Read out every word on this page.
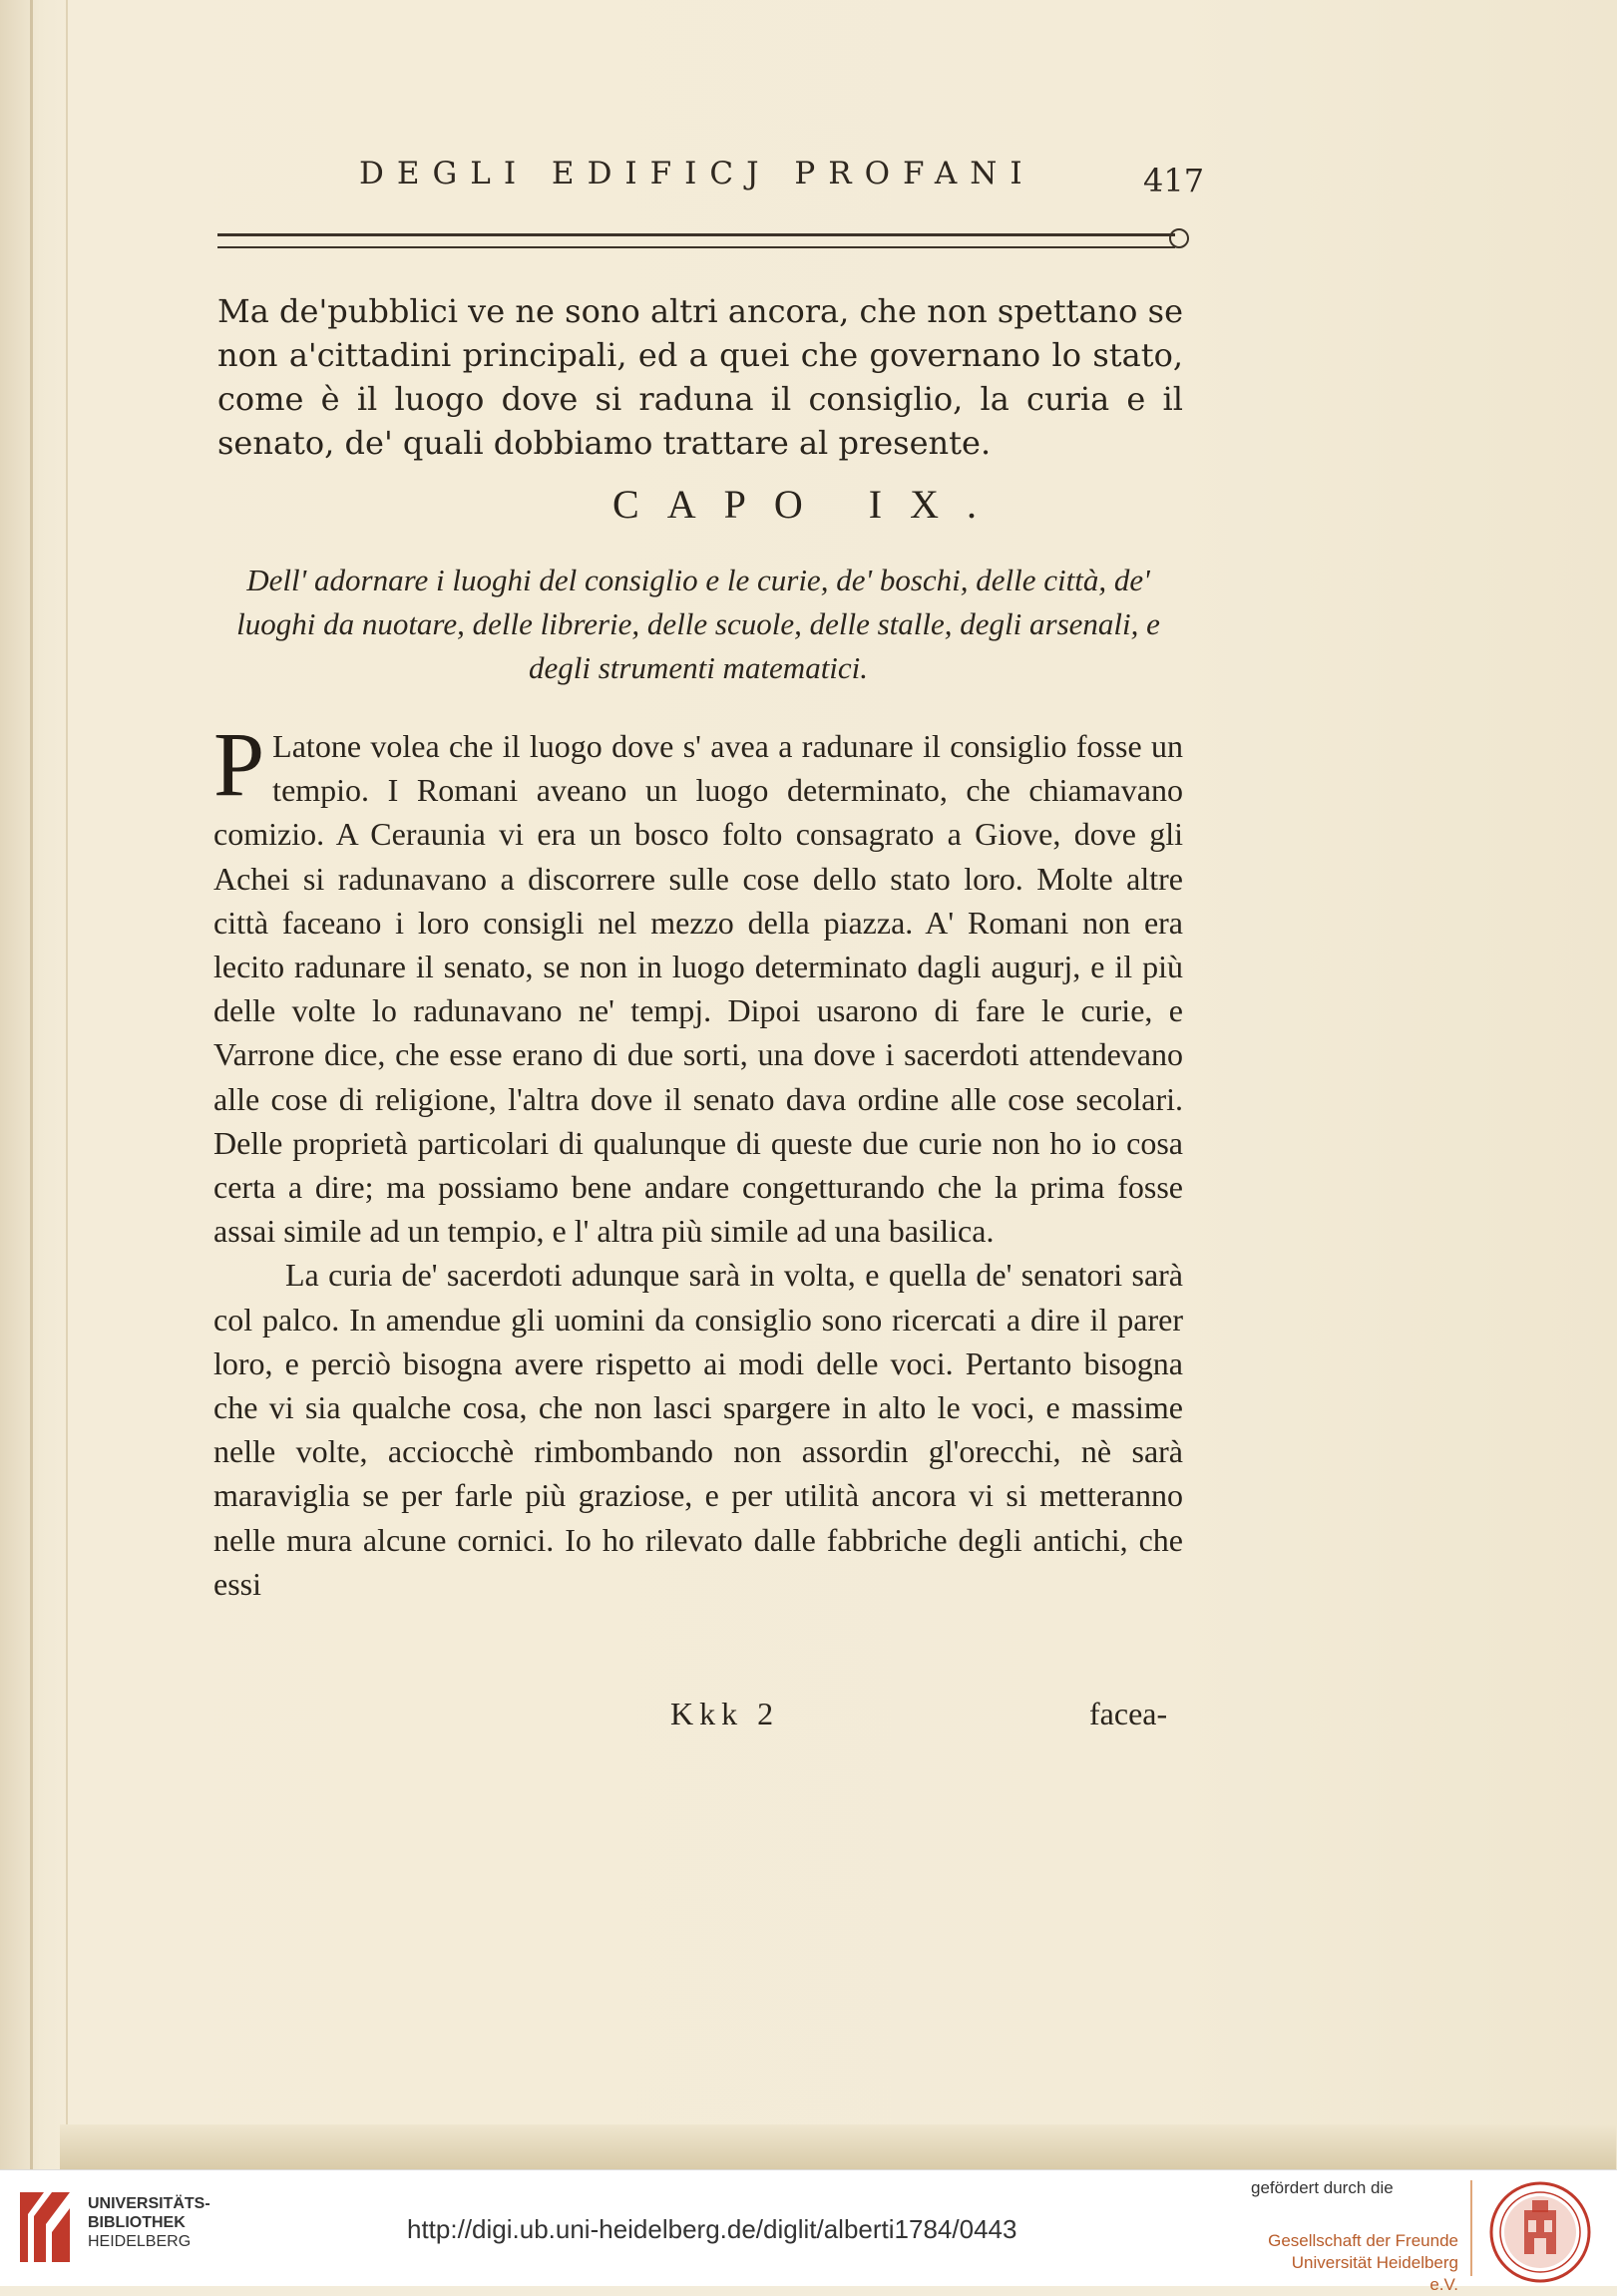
DEGLI EDIFICJ PROFANI	417
Ma de'pubblici ve ne sono altri ancora, che non spettano se non a'cittadini principali, ed a quei che governano lo stato, come è il luogo dove si raduna il consiglio, la curia e il senato, de' quali dobbiamo trattare al presente.
CAPO IX.
Dell' adornare i luoghi del consiglio e le curie, de' boschi, delle città, de' luoghi da nuotare, delle librerie, delle scuole, delle stalle, degli arsenali, e degli strumenti matematici.

P Latone volea che il luogo dove s' avea a radunare il consiglio fosse un tempio. I Romani aveano un luogo determinato, che chiamavano comizio. A Ceraunia vi era un bosco folto consagrato a Giove, dove gli Achei si radunavano a discorrere sulle cose dello stato loro. Molte altre città faceano i loro consigli nel mezzo della piazza. A' Romani non era lecito radunare il senato, se non in luogo determinato dagli augurj, e il più delle volte lo radunavano ne' tempj. Dipoi usarono di fare le curie, e Varrone dice, che esse erano di due sorti, una dove i sacerdoti attendevano alle cose di religione, l'altra dove il senato dava ordine alle cose secolari. Delle proprietà particolari di qualunque di queste due curie non ho io cosa certa a dire; ma possiamo bene andare congetturando che la prima fosse assai simile ad un tempio, e l' altra più simile ad una basilica.

La curia de' sacerdoti adunque sarà in volta, e quella de' senatori sarà col palco. In amendue gli uomini da consiglio sono ricercati a dire il parer loro, e perciò bisogna avere rispetto ai modi delle voci. Pertanto bisogna che vi sia qualche cosa, che non lasci spargere in alto le voci, e massime nelle volte, acciocchè rimbombando non assordin gl'orecchi, nè sarà maraviglia se per farle più graziose, e per utilità ancora vi si metteranno nelle mura alcune cornici. Io ho rilevato dalle fabbriche degli antichi, che essi

Kkk 2	facea-
UNIVERSITÄTS-
BIBLIOTHEK
HEIDELBERG	http://digi.ub.uni-heidelberg.de/diglit/alberti1784/0443
gefördert durch die
Gesellschaft der Freunde
Universität Heidelberg e.V.
